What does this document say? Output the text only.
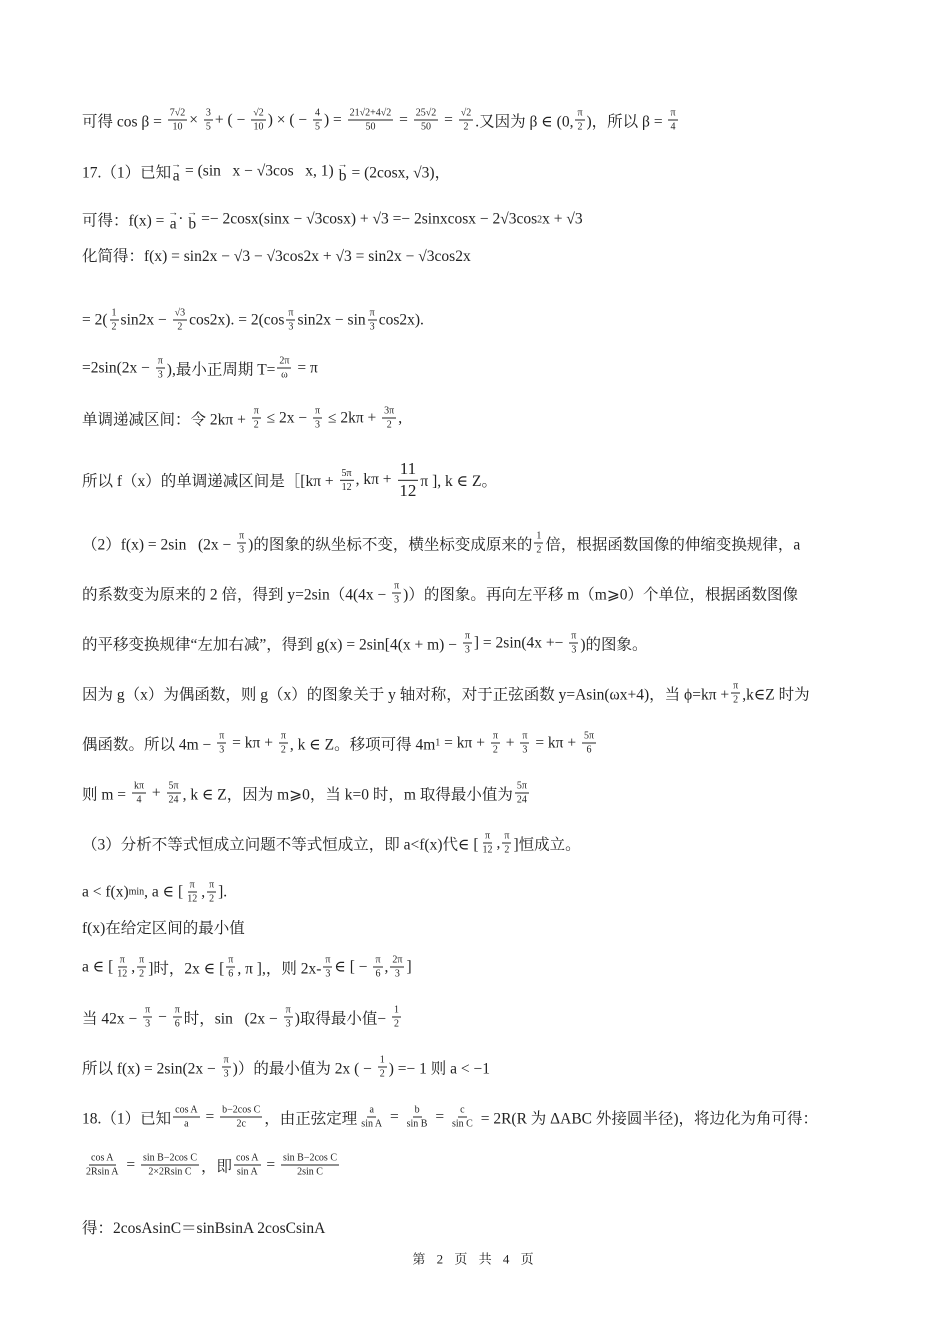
可得 $\cos \beta = \frac{7√2}{10} \times \frac{3}{5}$ + ( − $\frac{√2}{10}$ ) × ( − $\frac{4}{5}$ ) = $\frac{21√2+4√2}{50} = \frac{25√2}{50} = \frac{√2}{2}$ .又因为 β ∈ (0, $\frac{\pi}{2}$ )，所以 $\beta = \frac{\pi}{4}$
17.（1）已知 →
a = (sin   x − √3cos   x, 1) →
b = (2cosx, √3)，
可得：f(x) = →
a · →
b =− 2cosx(sinx − √3cosx) + √3 =− 2sinxcosx − 2√3cos 2 x + √3
化简得：f(x) = sin2x − √3 − √3cos2x + √3 = sin2x − √3cos2x
= $2( \frac{1}{2} \sin 2x - \frac{√3}{2} \cos 2x)$. = $2(\cos \frac{\pi}{3} \sin 2x - \sin \frac{\pi}{3} \cos 2x)$.
$=2\sin(2x - \frac{\pi}{3}$ ),最小正周期 $T= \frac{2\pi}{\omega} = \pi$
单调递减区间：令 $2k\pi + \frac{\pi}{2} \le 2x - \frac{\pi}{3} \le 2k\pi + \frac{3\pi}{2}$ ,
所以 f（x）的单调递减区间是［[kπ + $\frac{5\pi}{12}$ , $k\pi + \frac{11}{12}$ π ], k ∈ Z。
（2）f(x) = 2sin   ($2x - \frac{\pi}{3}$ )的图象的纵坐标不变，横坐标变成原来的 $\frac{1}{2}$ 倍，根据函数国像的伸缩变换规律，a
的系数变为原来的 2 倍，得到 $y=2\sin(4(4x - \frac{\pi}{3}$ )）的图象。再向左平移 m（m⩾0）个单位，根据函数图像
的平移变换规律“左加右减”，得到 $g(x) = 2\sin[4(x + m) - \frac{\pi}{3}$ ] = $2\sin(4x +- \frac{\pi}{3}$ )的图象。
因为 g（x）为偶函数，则 g（x）的图象关于 y 轴对称，对于正弦函数 y=Asin(ωx+4)，当 $\phi=k\pi + \frac{\pi}{2}$ ,k∈Z 时为
偶函数。所以 $4m - \frac{\pi}{3} = k\pi + \frac{\pi}{2}$ , k ∈ Z。移项可得 4m $1 = k\pi + \frac{\pi}{2} + \frac{\pi}{3} = k\pi + \frac{5\pi}{6}$
则 $m = \frac{k\pi}{4} + \frac{5\pi}{24}$ , k ∈ Z，因为 m⩾0，当 k=0 时，m 取得最小值为 $\frac{5\pi}{24}$
（3）分析不等式恒成立问题不等式恒成立，即 a<f(x)代∈ [ $\frac{\pi}{12}$ , $\frac{\pi}{2}$ ]恒成立。
a < f(x) min , a ∈ [ $\frac{\pi}{12}$ , $\frac{\pi}{2}$ ].
f(x)在给定区间的最小值
a ∈ [ $\frac{\pi}{12}$ , $\frac{\pi}{2}$ ]时，2x ∈ [ $\frac{\pi}{6}$ , π ],，则 $2x- \frac{\pi}{3}$ ∈ [ − $\frac{\pi}{6}$ , $\frac{2\pi}{3}$ ]
当 $42x - \frac{\pi}{3} - \frac{\pi}{6}$ 时，$\sin (2x - \frac{\pi}{3}$ )取得最小值− $\frac{1}{2}$
所以 $f(x) = 2\sin(2x - \frac{\pi}{3}$ )）的最小值为 2x ( − $\frac{1}{2}$ ) =− 1 则 a < −1
18.（1）已知 $\frac{\text{cos A}}{a} = \frac{\text{b−2cos C}}{2c}$ ，由正弦定理 $\frac{a}{\text{sin A}} = \frac{b}{\text{sin B}} = \frac{c}{\text{sin C}} = 2R(R$ 为 ΔABC 外接圆半径)，将边化为角可得：
$\frac{\text{cos A}}{\text{2Rsin A}} = \frac{\text{sin B−2cos C}}{\text{2×2Rsin C}}$ ，即 $\frac{\text{cos A}}{\text{sin A}} = \frac{\text{sin B−2cos C}}{\text{2sin C}}$
得：2cosAsinC＝sinBsinA 2cosCsinA
第 2 页 共 4 页
